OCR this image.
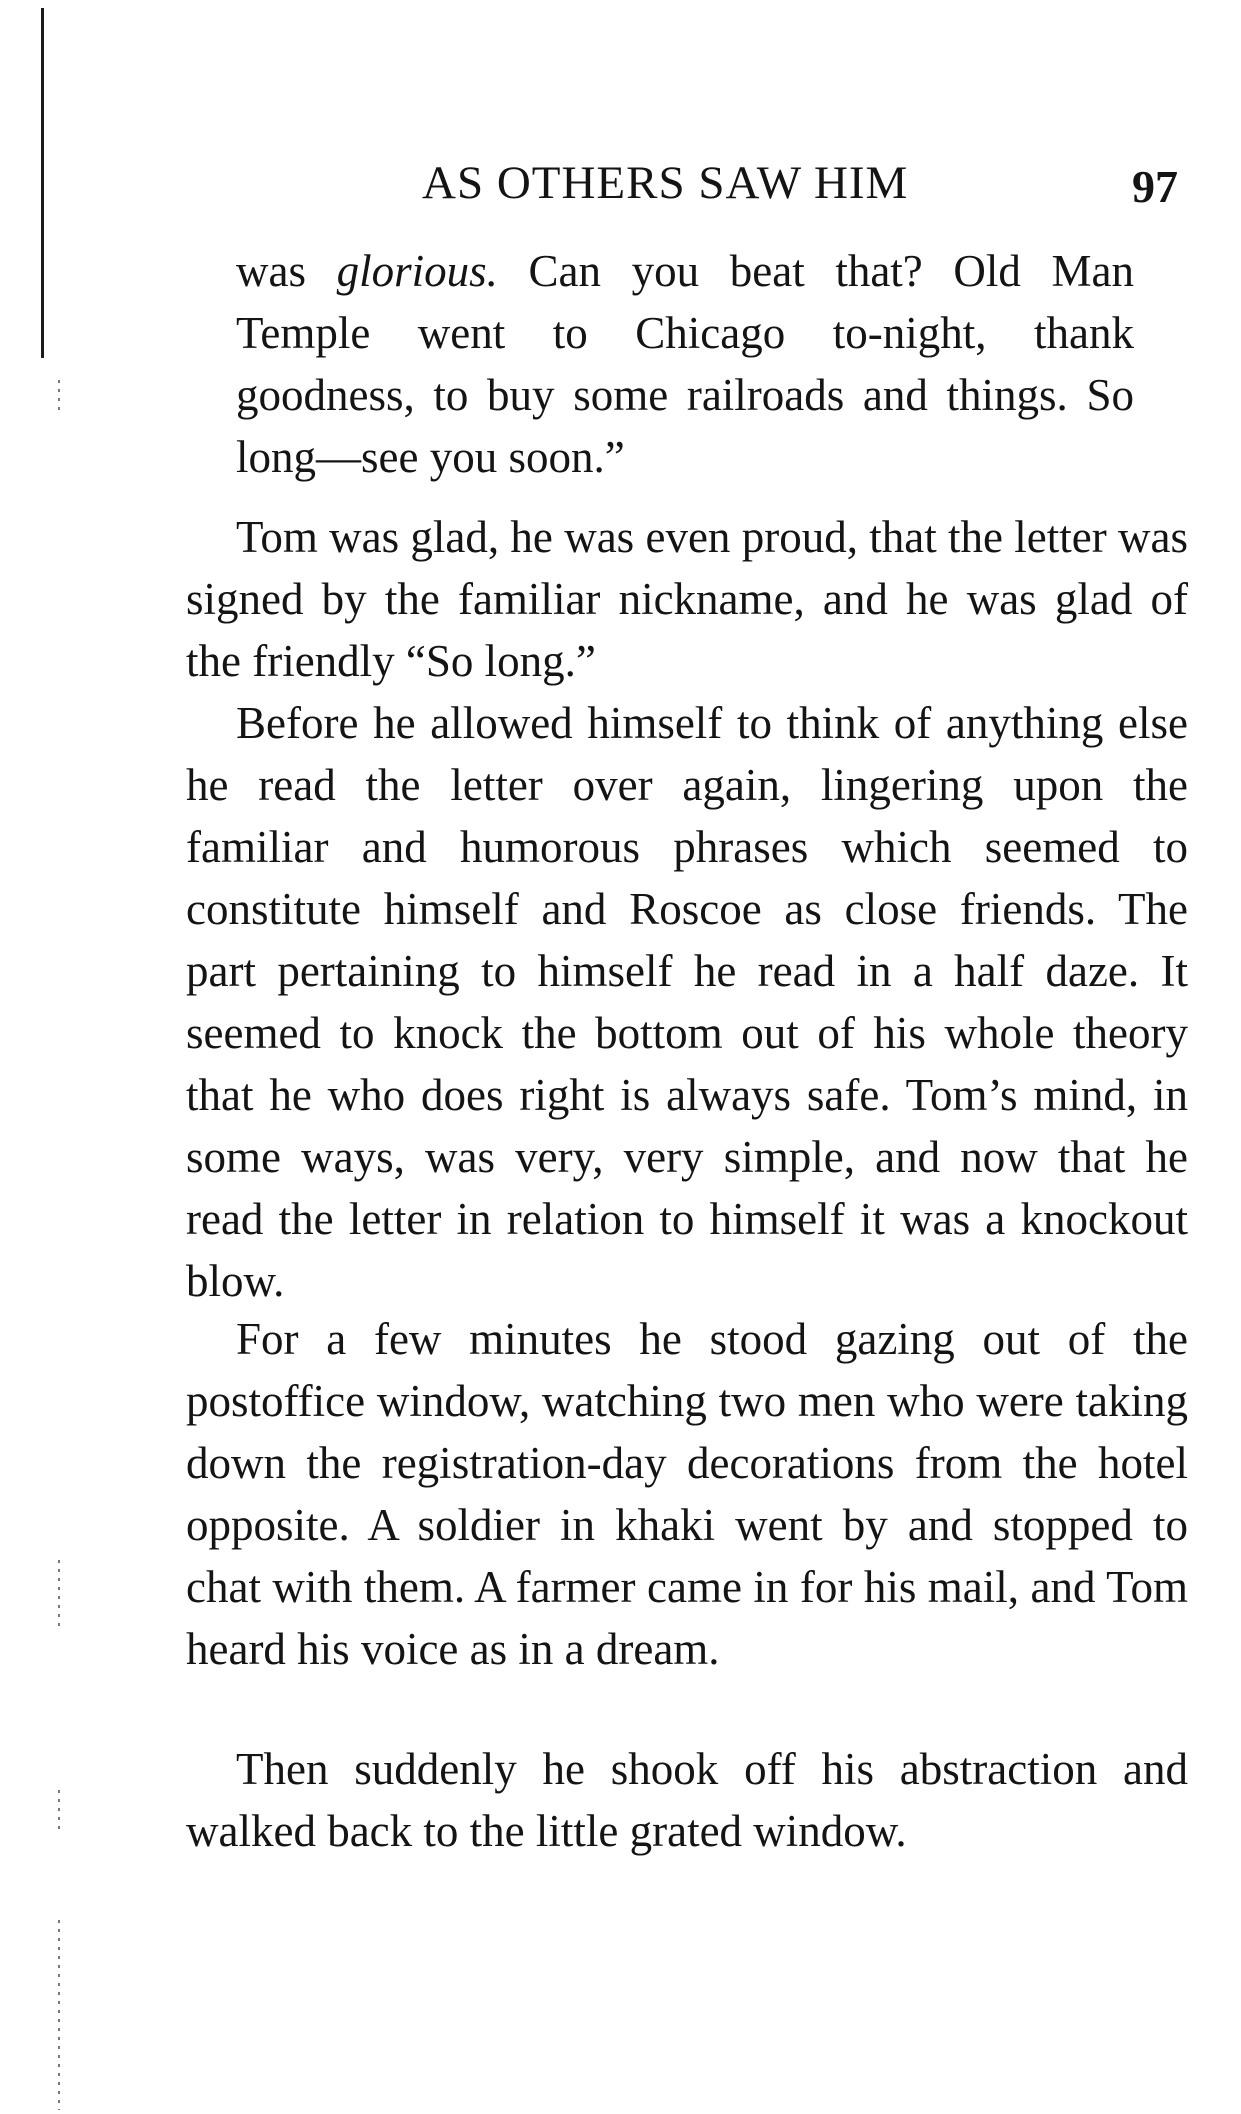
AS OTHERS SAW HIM	97

was glorious. Can you beat that? Old Man Temple went to Chicago to-night, thank goodness, to buy some railroads and things. So long—see you soon.”

Tom was glad, he was even proud, that the letter was signed by the familiar nickname, and he was glad of the friendly “So long.”

Before he allowed himself to think of anything else he read the letter over again, lingering upon the familiar and humorous phrases which seemed to constitute himself and Roscoe as close friends. The part pertaining to himself he read in a half daze. It seemed to knock the bottom out of his whole theory that he who does right is always safe. Tom’s mind, in some ways, was very, very simple, and now that he read the letter in relation to himself it was a knockout blow.

For a few minutes he stood gazing out of the postoffice window, watching two men who were taking down the registration-day decorations from the hotel opposite. A soldier in khaki went by and stopped to chat with them. A farmer came in for his mail, and Tom heard his voice as in a dream.

Then suddenly he shook off his abstraction and walked back to the little grated window.
